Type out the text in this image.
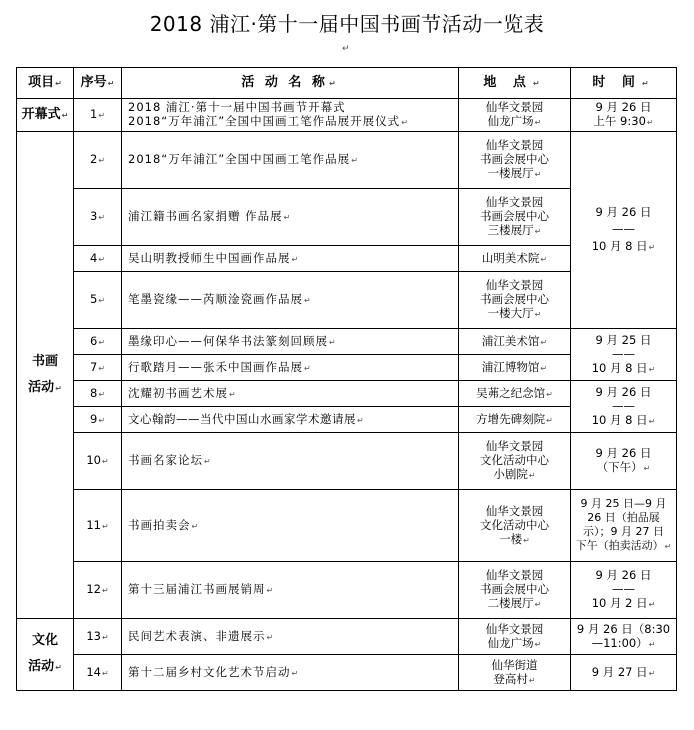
2018 浦江·第十一届中国书画节活动一览表
↵
项目 ↵	序号 ↵	活 动 名 称 ↵	地 点 ↵	时 间 ↵
开幕式 ↵	1 ↵	2018 浦江·第十一届中国书画节开幕式
2018“万年浦江”全国中国画工笔作品展开展仪式 ↵	仙华文景园
仙龙广场 ↵	9 月 26 日
上午 9:30 ↵

书画
活动 ↵	2 ↵	2018“万年浦江”全国中国画工笔作品展 ↵	仙华文景园
书画会展中心
一楼展厅 ↵	9 月 26 日
——
10 月 8 日 ↵

	3 ↵	浦江籍书画名家捐赠 作品展 ↵	仙华文景园
书画会展中心
三楼展厅 ↵

	4 ↵	吴山明教授师生中国画作品展 ↵	山明美术院 ↵
	5 ↵	笔墨瓷缘——芮顺淦瓷画作品展 ↵	仙华文景园
书画会展中心
一楼大厅 ↵

	6 ↵	墨缘印心——何保华书法篆刻回顾展 ↵	浦江美术馆 ↵	9 月 25 日
——
10 月 8 日 ↵

	7 ↵	行歌踏月——张禾中国画作品展 ↵	浦江博物馆 ↵
	8 ↵	沈耀初书画艺术展 ↵	吴茀之纪念馆 ↵	9 月 26 日
——
10 月 8 日 ↵

	9 ↵	文心翰韵——当代中国山水画家学术邀请展 ↵	方增先碑刻院 ↵
	10 ↵	书画名家论坛 ↵	仙华文景园
文化活动中心
小剧院 ↵	9 月 26 日
（下午） ↵

	11 ↵	书画拍卖会 ↵	仙华文景园
文化活动中心
一楼 ↵	9 月 25 日—9 月
26 日（拍品展
示）；9 月 27 日
下午（拍卖活动） ↵

	12 ↵	第十三届浦江书画展销周 ↵	仙华文景园
书画会展中心
二楼展厅 ↵	9 月 26 日
——
10 月 2 日 ↵

文化
活动 ↵	13 ↵	民间艺术表演、非遗展示 ↵	仙华文景园
仙龙广场 ↵	9 月 26 日（8:30
—11:00） ↵

	14 ↵	第十二届乡村文化艺术节启动 ↵	仙华街道
登高村 ↵	9 月 27 日 ↵
